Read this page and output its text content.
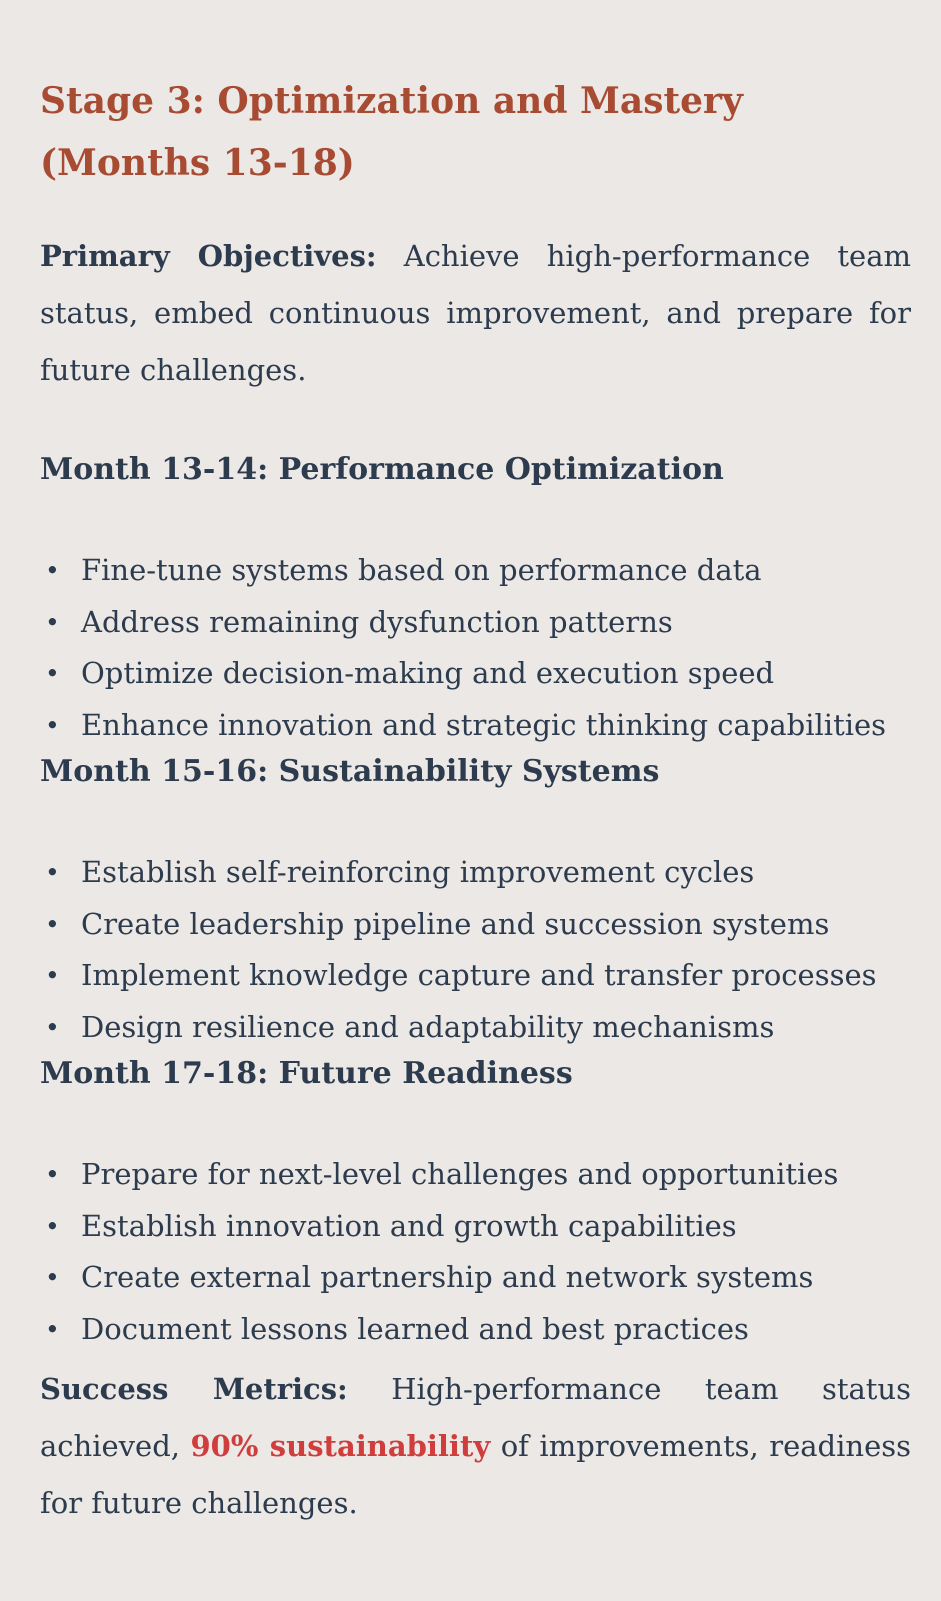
Stage 3: Optimization and Mastery (Months 13-18)

Primary Objectives: Achieve high-performance team status, embed continuous improvement, and prepare for future challenges.

Month 13-14: Performance Optimization
• Fine-tune systems based on performance data
• Address remaining dysfunction patterns
• Optimize decision-making and execution speed
• Enhance innovation and strategic thinking capabilities
Month 15-16: Sustainability Systems
• Establish self-reinforcing improvement cycles
• Create leadership pipeline and succession systems
• Implement knowledge capture and transfer processes
• Design resilience and adaptability mechanisms
Month 17-18: Future Readiness
• Prepare for next-level challenges and opportunities
• Establish innovation and growth capabilities
• Create external partnership and network systems
• Document lessons learned and best practices

Success Metrics: High-performance team status achieved, 90% sustainability of improvements, readiness for future challenges.
